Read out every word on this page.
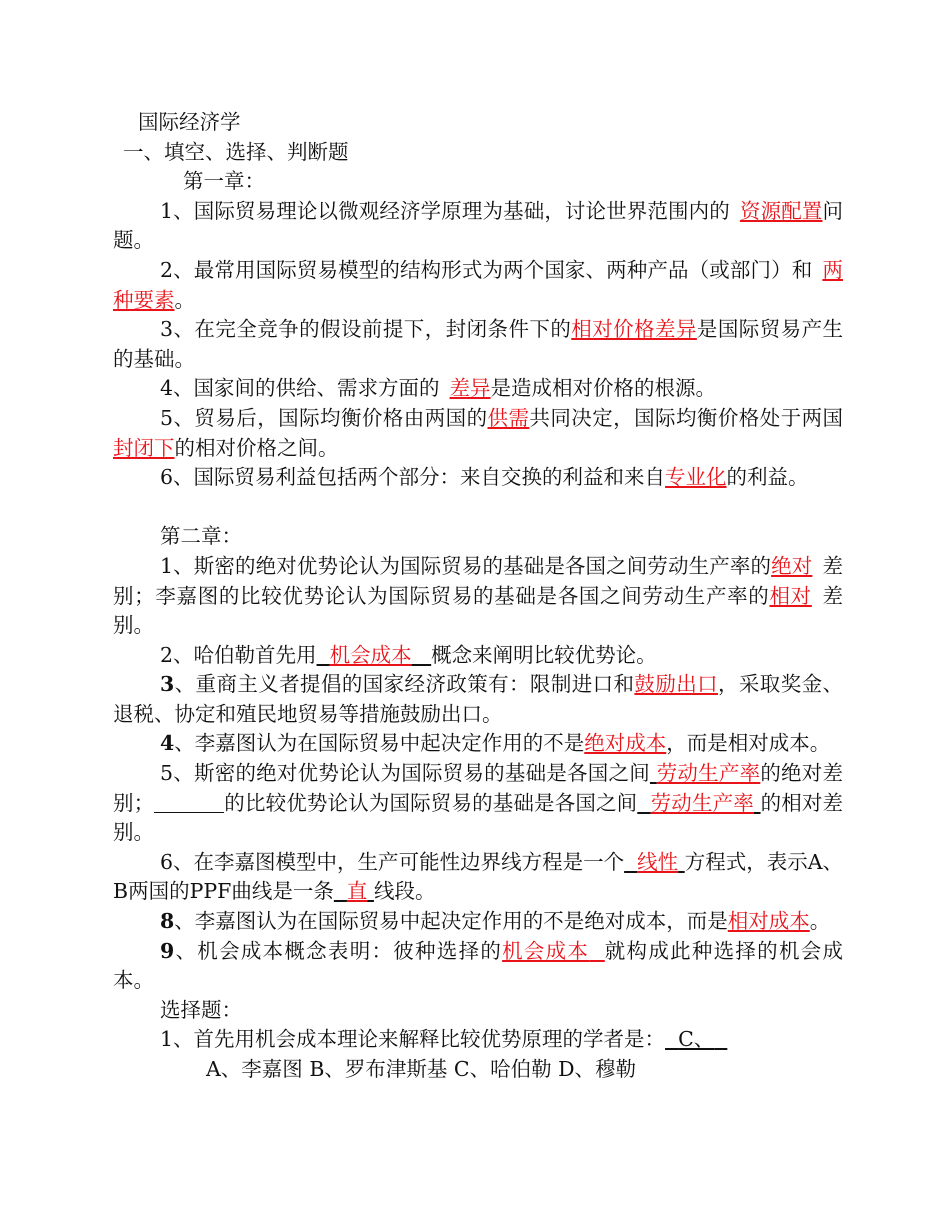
国际经济学

一、填空、选择、判断题

第一章：

1、国际贸易理论以微观经济学原理为基础，讨论世界范围内的 资源配置问题。

2、最常用国际贸易模型的结构形式为两个国家、两种产品（或部门）和 两种要素。

3、在完全竞争的假设前提下，封闭条件下的相对价格差异是国际贸易产生的基础。

4、国家间的供给、需求方面的 差异是造成相对价格的根源。

5、贸易后，国际均衡价格由两国的供需共同决定，国际均衡价格处于两国封闭下的相对价格之间。

6、国际贸易利益包括两个部分：来自交换的利益和来自专业化的利益。

第二章：

1、斯密的绝对优势论认为国际贸易的基础是各国之间劳动生产率的绝对 差别；李嘉图的比较优势论认为国际贸易的基础是各国之间劳动生产率的相对 差别。

2、哈伯勒首先用 机会成本 概念来阐明比较优势论。

3、重商主义者提倡的国家经济政策有：限制进口和鼓励出口，采取奖金、退税、协定和殖民地贸易等措施鼓励出口。

4、李嘉图认为在国际贸易中起决定作用的不是绝对成本，而是相对成本。

5、斯密的绝对优势论认为国际贸易的基础是各国之间 劳动生产率的绝对差别；	的比较优势论认为国际贸易的基础是各国之间 劳动生产率 的相对差别。

6、在李嘉图模型中，生产可能性边界线方程是一个 线性 方程式，表示A、B两国的PPF曲线是一条 直 线段。

8、李嘉图认为在国际贸易中起决定作用的不是绝对成本，而是相对成本。

9、机会成本概念表明：彼种选择的机会成本 就构成此种选择的机会成本。

选择题：

1、首先用机会成本理论来解释比较优势原理的学者是： C、

A、李嘉图 B、罗布津斯基 C、哈伯勒 D、穆勒
